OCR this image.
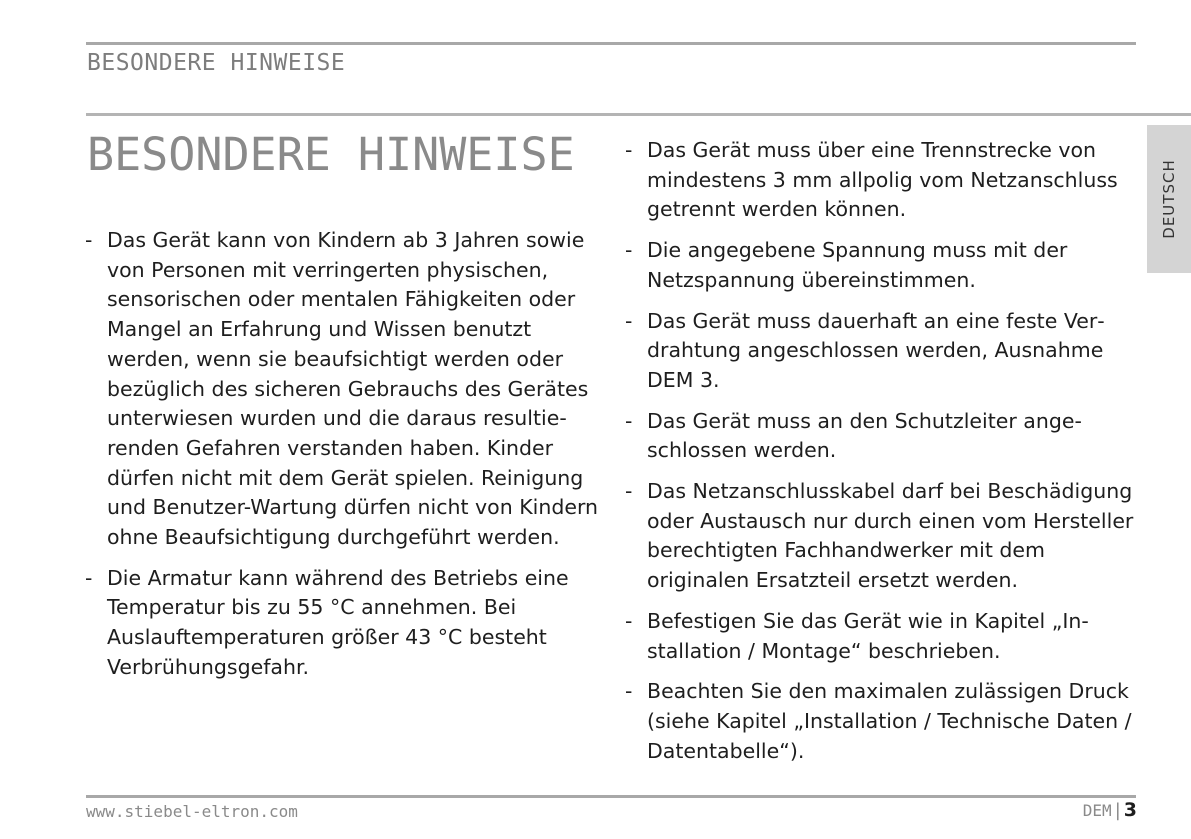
BESONDERE HINWEISE
DEUTSCH
BESONDERE HINWEISE
- Das Gerät kann von Kindern ab 3 Jahren sowie von Personen mit verringerten physischen, sensorischen oder mentalen Fähigkeiten oder Mangel an Erfahrung und Wissen benutzt werden, wenn sie beaufsichtigt werden oder bezüglich des sicheren Gebrauchs des Gerätes unterwiesen wurden und die daraus resultierenden Gefahren verstanden haben. Kinder dürfen nicht mit dem Gerät spielen. Reinigung und Benutzer-Wartung dürfen nicht von Kindern ohne Beaufsichtigung durchgeführt werden.
- Die Armatur kann während des Betriebs eine Temperatur bis zu 55 °C annehmen. Bei Auslauftemperaturen größer 43 °C besteht Verbrühungsgefahr.
- Das Gerät muss über eine Trennstrecke von mindestens 3 mm allpolig vom Netzanschluss getrennt werden können.
- Die angegebene Spannung muss mit der Netzspannung übereinstimmen.
- Das Gerät muss dauerhaft an eine feste Verdrahtung angeschlossen werden, Ausnahme DEM 3.
- Das Gerät muss an den Schutzleiter angeschlossen werden.
- Das Netzanschlusskabel darf bei Beschädigung oder Austausch nur durch einen vom Hersteller berechtigten Fachhandwerker mit dem originalen Ersatzteil ersetzt werden.
- Befestigen Sie das Gerät wie in Kapitel „Installation / Montage“ beschrieben.
- Beachten Sie den maximalen zulässigen Druck (siehe Kapitel „Installation / Technische Daten / Datentabelle“).
www.stiebel-eltron.com	DEM | 3
